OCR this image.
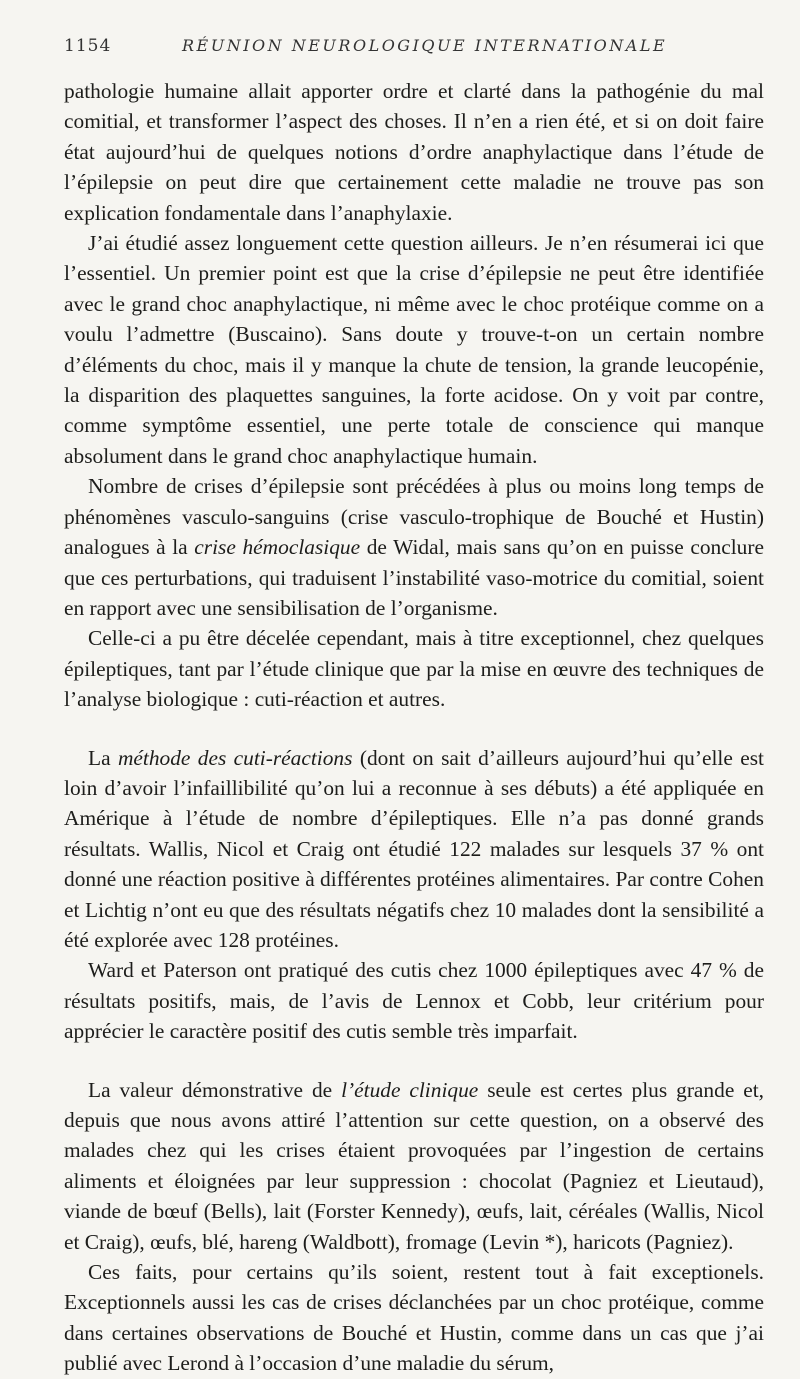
1154	RÉUNION NEUROLOGIQUE INTERNATIONALE

pathologie humaine allait apporter ordre et clarté dans la pathogénie du mal comitial, et transformer l’aspect des choses. Il n’en a rien été, et si on doit faire état aujourd’hui de quelques notions d’ordre anaphylactique dans l’étude de l’épilepsie on peut dire que certainement cette maladie ne trouve pas son explication fondamentale dans l’anaphylaxie.

J’ai étudié assez longuement cette question ailleurs. Je n’en résumerai ici que l’essentiel. Un premier point est que la crise d’épilepsie ne peut être identifiée avec le grand choc anaphylactique, ni même avec le choc protéique comme on a voulu l’admettre (Buscaino). Sans doute y trouve-t-on un certain nombre d’éléments du choc, mais il y manque la chute de tension, la grande leucopénie, la disparition des plaquettes sanguines, la forte acidose. On y voit par contre, comme symptôme essentiel, une perte totale de conscience qui manque absolument dans le grand choc anaphylactique humain.

Nombre de crises d’épilepsie sont précédées à plus ou moins long temps de phénomènes vasculo-sanguins (crise vasculo-trophique de Bouché et Hustin) analogues à la crise hémoclasique de Widal, mais sans qu’on en puisse conclure que ces perturbations, qui traduisent l’instabilité vaso-motrice du comitial, soient en rapport avec une sensibilisation de l’organisme.

Celle-ci a pu être décelée cependant, mais à titre exceptionnel, chez quelques épileptiques, tant par l’étude clinique que par la mise en œuvre des techniques de l’analyse biologique : cuti-réaction et autres.

La méthode des cuti-réactions (dont on sait d’ailleurs aujourd’hui qu’elle est loin d’avoir l’infaillibilité qu’on lui a reconnue à ses débuts) a été appliquée en Amérique à l’étude de nombre d’épileptiques. Elle n’a pas donné grands résultats. Wallis, Nicol et Craig ont étudié 122 malades sur lesquels 37 % ont donné une réaction positive à différentes protéines alimentaires. Par contre Cohen et Lichtig n’ont eu que des résultats négatifs chez 10 malades dont la sensibilité a été explorée avec 128 protéines.

Ward et Paterson ont pratiqué des cutis chez 1000 épileptiques avec 47 % de résultats positifs, mais, de l’avis de Lennox et Cobb, leur critérium pour apprécier le caractère positif des cutis semble très imparfait.

La valeur démonstrative de l’étude clinique seule est certes plus grande et, depuis que nous avons attiré l’attention sur cette question, on a observé des malades chez qui les crises étaient provoquées par l’ingestion de certains aliments et éloignées par leur suppression : chocolat (Pagniez et Lieutaud), viande de bœuf (Bells), lait (Forster Kennedy), œufs, lait, céréales (Wallis, Nicol et Craig), œufs, blé, hareng (Waldbott), fromage (Levin *), haricots (Pagniez).

Ces faits, pour certains qu’ils soient, restent tout à fait exceptionels. Exceptionnels aussi les cas de crises déclanchées par un choc protéique, comme dans certaines observations de Bouché et Hustin, comme dans un cas que j’ai publié avec Lerond à l’occasion d’une maladie du sérum,
